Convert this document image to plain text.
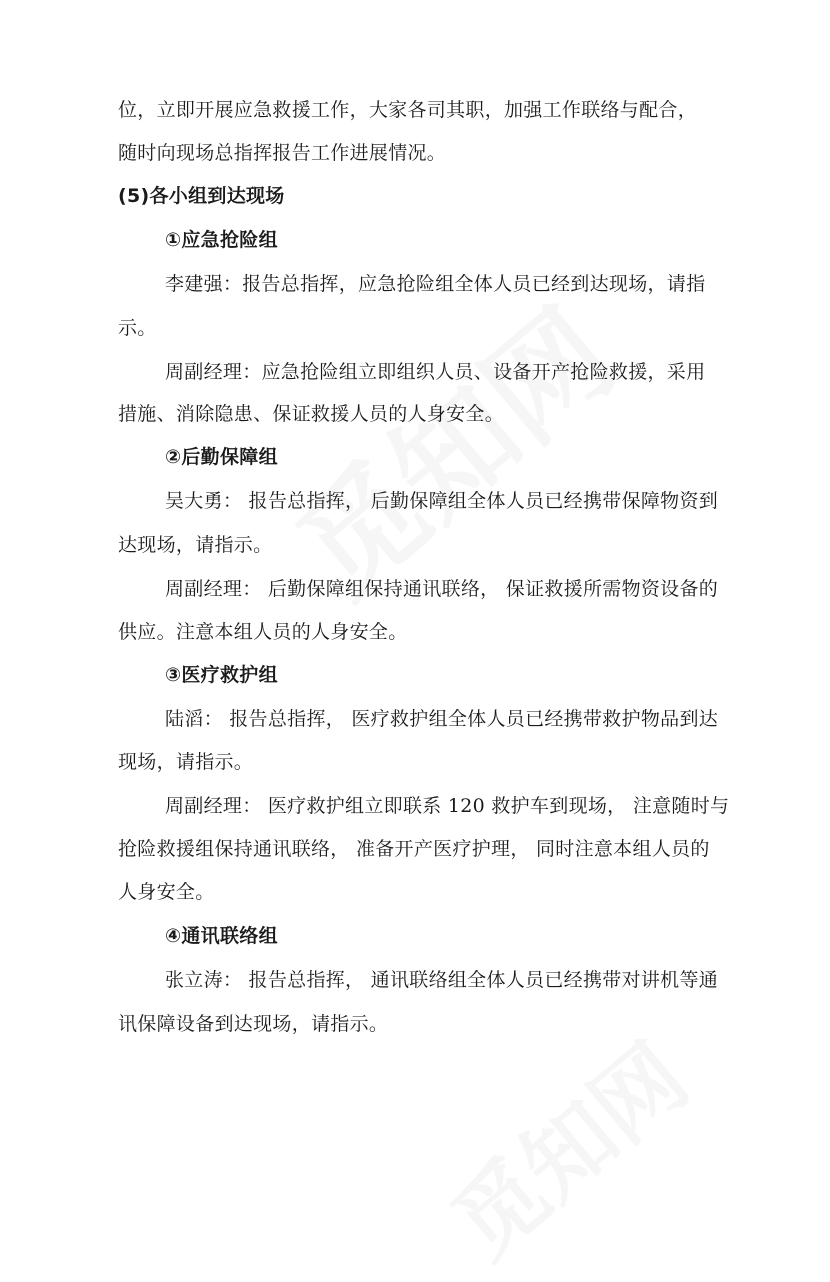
位，立即开展应急救援工作，大家各司其职，加强工作联络与配合，
随时向现场总指挥报告工作进展情况。
(5)各小组到达现场
①应急抢险组
李建强：报告总指挥，应急抢险组全体人员已经到达现场，请指
示。
周副经理：应急抢险组立即组织人员、设备开产抢险救援，采用
措施、消除隐患、保证救援人员的人身安全。
②后勤保障组
吴大勇： 报告总指挥， 后勤保障组全体人员已经携带保障物资到
达现场，请指示。
周副经理： 后勤保障组保持通讯联络， 保证救援所需物资设备的
供应。注意本组人员的人身安全。
③医疗救护组
陆滔： 报告总指挥， 医疗救护组全体人员已经携带救护物品到达
现场，请指示。
周副经理： 医疗救护组立即联系 120 救护车到现场， 注意随时与
抢险救援组保持通讯联络， 准备开产医疗护理， 同时注意本组人员的
人身安全。
④通讯联络组
张立涛： 报告总指挥， 通讯联络组全体人员已经携带对讲机等通
讯保障设备到达现场，请指示。
